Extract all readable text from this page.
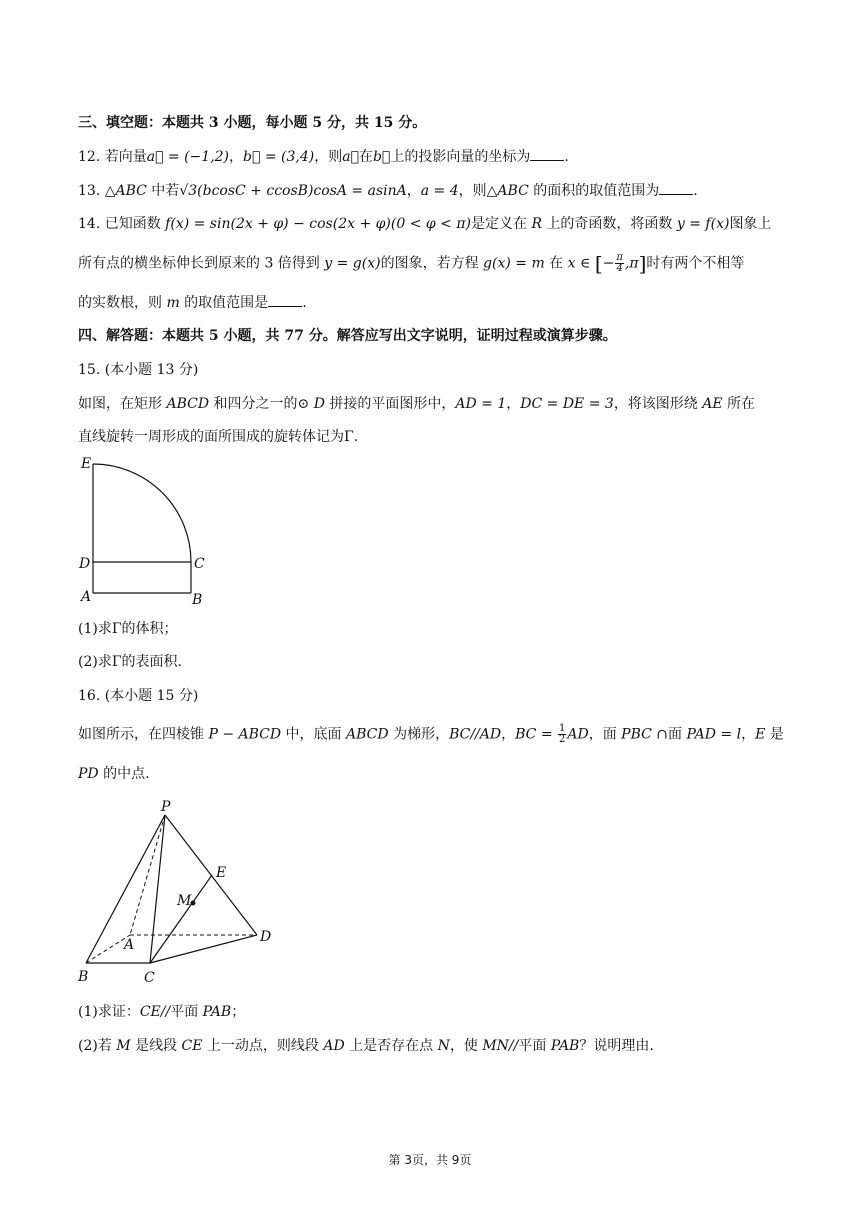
三、填空题：本题共 3 小题，每小题 5 分，共 15 分。
12. 若向量a⃗ = (−1,2)，b⃗ = (3,4)，则a⃗在b⃗上的投影向量的坐标为 .
13. △ABC 中若√3(bcosC + ccosB)cosA = asinA，a = 4，则△ABC 的面积的取值范围为 .
14. 已知函数 f(x) = sin(2x + φ) − cos(2x + φ)(0 < φ < π)是定义在 R 上的奇函数，将函数 y = f(x)图象上
所有点的横坐标伸长到原来的 3 倍得到 y = g(x)的图象，若方程 g(x) = m 在 x ∈ [− $\frac{\pi}{4} ,\pi$]时有两个不相等
的实数根，则 m 的取值范围是 .
四、解答题：本题共 5 小题，共 77 分。解答应写出文字说明，证明过程或演算步骤。
15. (本小题 13 分)
如图，在矩形 ABCD 和四分之一的⊙ D 拼接的平面图形中，AD = 1，DC = DE = 3，将该图形绕 AE 所在
直线旋转一周形成的面所围成的旋转体记为Γ.
E
D	C
A	B
(1)求Γ的体积；
(2)求Γ的表面积.
16. (本小题 15 分)
如图所示，在四棱锥 P − ABCD 中，底面 ABCD 为梯形，BC//AD，BC = $\frac{1}{2}$ AD，面 PBC ∩面 PAD = l，E 是
PD 的中点.
P
E
M
A	D
B	C
(1)求证：CE//平面 PAB；
(2)若 M 是线段 CE 上一动点，则线段 AD 上是否存在点 N，使 MN//平面 PAB？说明理由.
第 3页，共 9页
